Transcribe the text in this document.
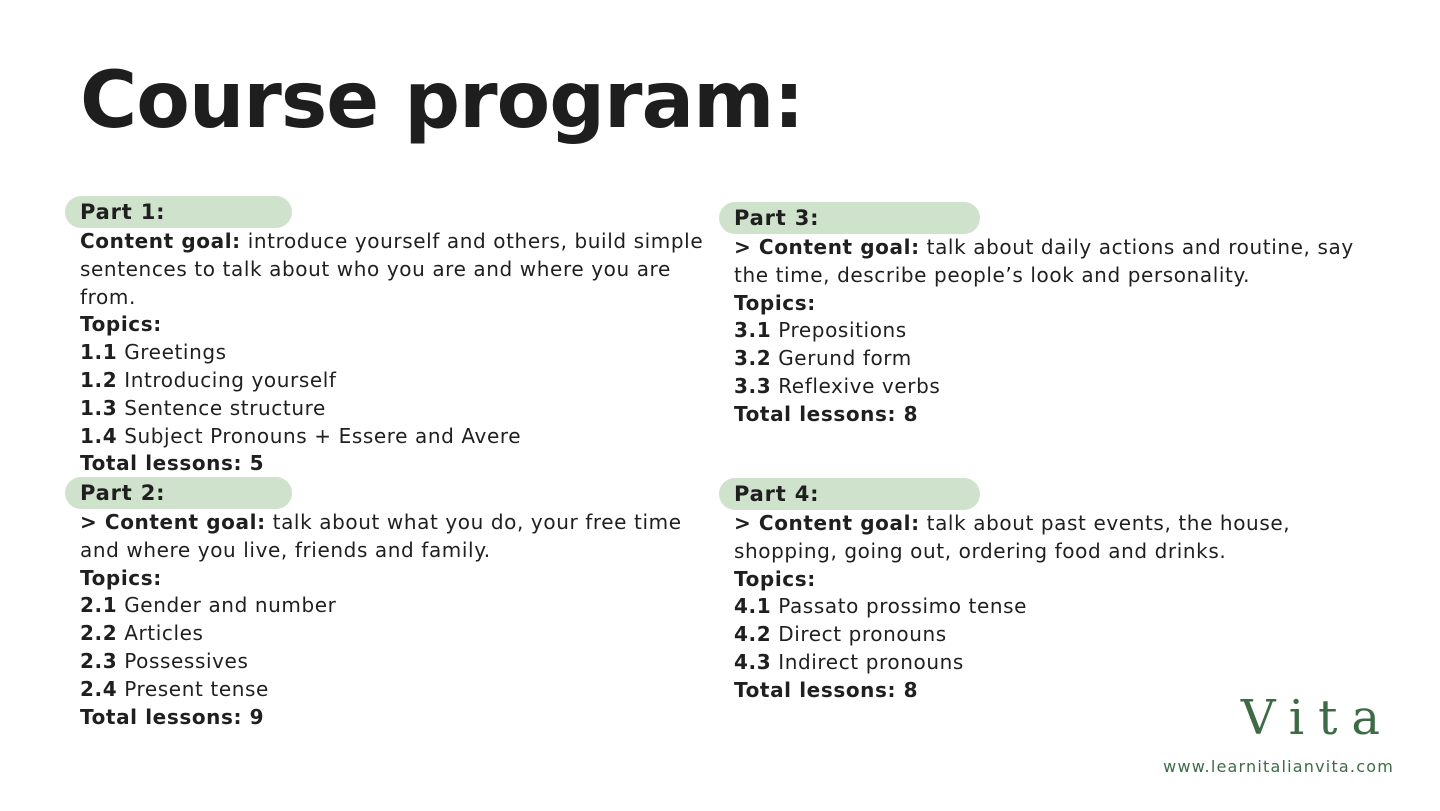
Course program:
Part 1:
Content goal: introduce yourself and others, build simple sentences to talk about who you are and where you are from.
Topics:
1.1 Greetings
1.2 Introducing yourself
1.3 Sentence structure
1.4 Subject Pronouns + Essere and Avere
Total lessons: 5
Part 2:
> Content goal: talk about what you do, your free time and where you live, friends and family.
Topics:
2.1 Gender and number
2.2 Articles
2.3 Possessives
2.4 Present tense
Total lessons: 9
Part 3:
> Content goal: talk about daily actions and routine, say the time, describe people’s look and personality.
Topics:
3.1 Prepositions
3.2 Gerund form
3.3 Reflexive verbs
Total lessons: 8
Part 4:
> Content goal: talk about past events, the house, shopping, going out, ordering food and drinks.
Topics:
4.1 Passato prossimo tense
4.2 Direct pronouns
4.3 Indirect pronouns
Total lessons: 8
Vita
www.learnitalianvita.com
